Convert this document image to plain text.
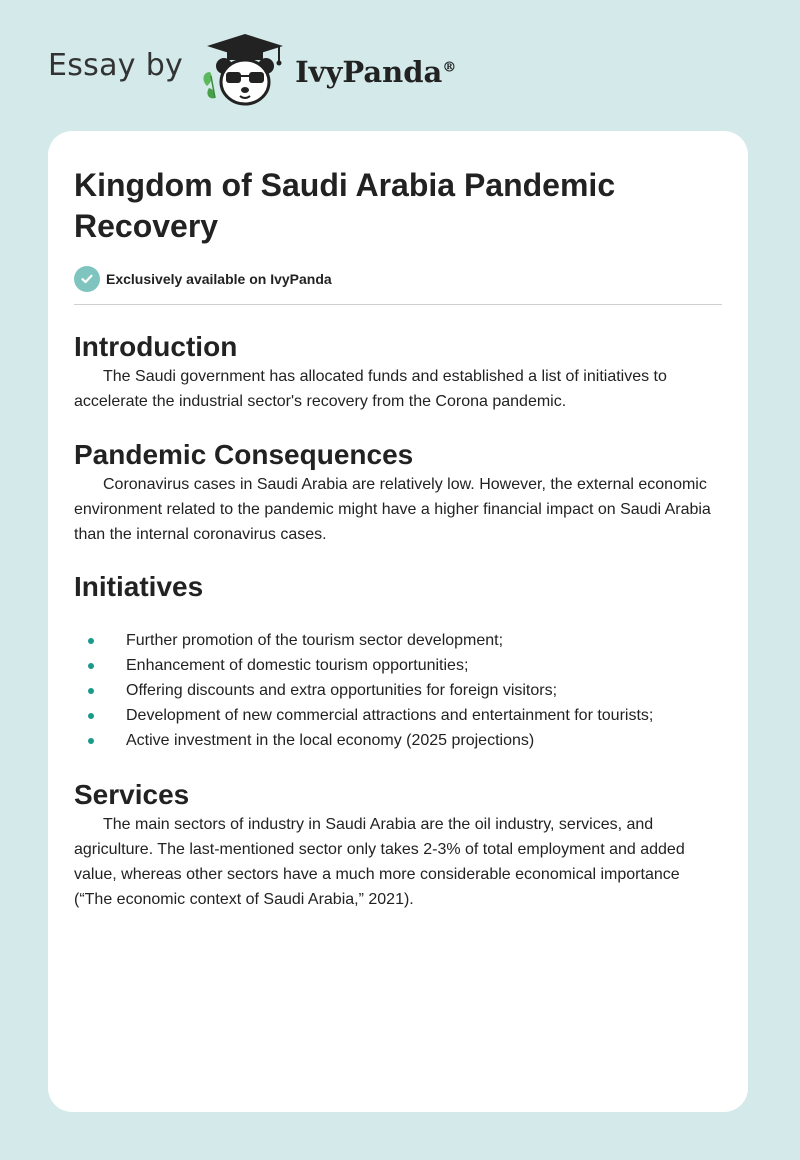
Essay by	IvyPanda®
Kingdom of Saudi Arabia Pandemic Recovery
Exclusively available on IvyPanda
Introduction

The Saudi government has allocated funds and established a list of initiatives to accelerate the industrial sector's recovery from the Corona pandemic.

Pandemic Consequences

Coronavirus cases in Saudi Arabia are relatively low. However, the external economic environment related to the pandemic might have a higher financial impact on Saudi Arabia than the internal coronavirus cases.

Initiatives
Further promotion of the tourism sector development;
Enhancement of domestic tourism opportunities;
Offering discounts and extra opportunities for foreign visitors;
Development of new commercial attractions and entertainment for tourists;
Active investment in the local economy (2025 projections)
Services

The main sectors of industry in Saudi Arabia are the oil industry, services, and agriculture. The last-mentioned sector only takes 2-3% of total employment and added value, whereas other sectors have a much more considerable economical importance (“The economic context of Saudi Arabia,” 2021).
